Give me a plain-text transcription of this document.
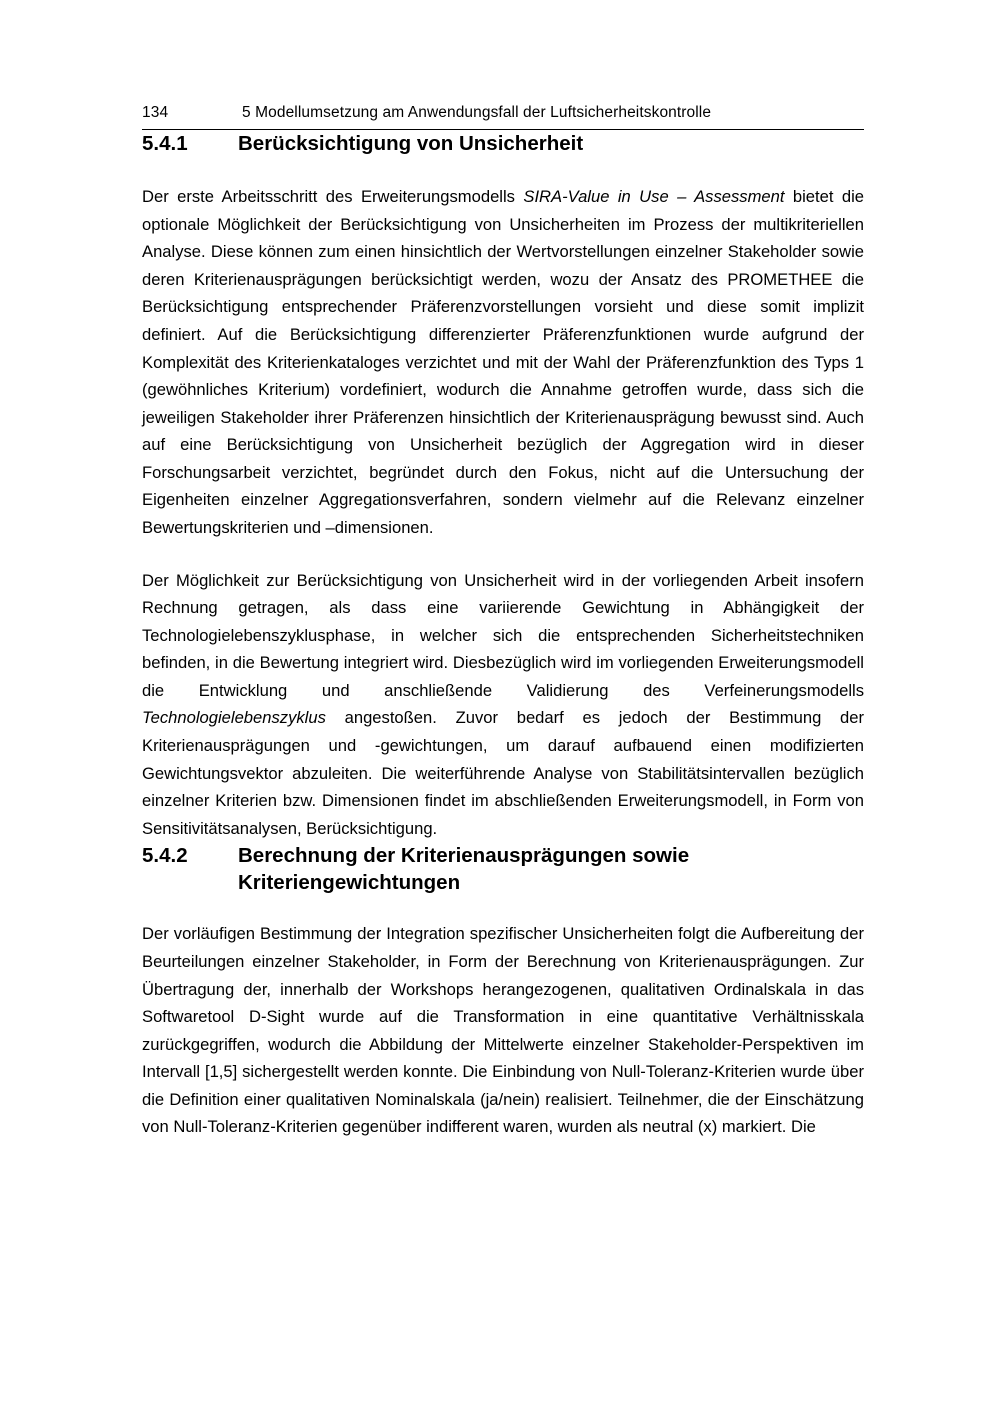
134	5 Modellumsetzung am Anwendungsfall der Luftsicherheitskontrolle
5.4.1	Berücksichtigung von Unsicherheit

Der erste Arbeitsschritt des Erweiterungsmodells SIRA-Value in Use – Assessment bietet die optionale Möglichkeit der Berücksichtigung von Unsicherheiten im Prozess der multikriteriellen Analyse. Diese können zum einen hinsichtlich der Wertvorstellungen einzelner Stakeholder sowie deren Kriterienausprägungen berücksichtigt werden, wozu der Ansatz des PROMETHEE die Berücksichtigung entsprechender Präferenzvorstellungen vorsieht und diese somit implizit definiert. Auf die Berücksichtigung differenzierter Präferenzfunktionen wurde aufgrund der Komplexität des Kriterienkataloges verzichtet und mit der Wahl der Präferenzfunktion des Typs 1 (gewöhnliches Kriterium) vordefiniert, wodurch die Annahme getroffen wurde, dass sich die jeweiligen Stakeholder ihrer Präferenzen hinsichtlich der Kriterienausprägung bewusst sind. Auch auf eine Berücksichtigung von Unsicherheit bezüglich der Aggregation wird in dieser Forschungsarbeit verzichtet, begründet durch den Fokus, nicht auf die Untersuchung der Eigenheiten einzelner Aggregationsverfahren, sondern vielmehr auf die Relevanz einzelner Bewertungskriterien und –dimensionen.

Der Möglichkeit zur Berücksichtigung von Unsicherheit wird in der vorliegenden Arbeit insofern Rechnung getragen, als dass eine variierende Gewichtung in Abhängigkeit der Technologielebenszyklusphase, in welcher sich die entsprechenden Sicherheitstechniken befinden, in die Bewertung integriert wird. Diesbezüglich wird im vorliegenden Erweiterungsmodell die Entwicklung und anschließende Validierung des Verfeinerungsmodells Technologielebenszyklus angestoßen. Zuvor bedarf es jedoch der Bestimmung der Kriterienausprägungen und -gewichtungen, um darauf aufbauend einen modifizierten Gewichtungsvektor abzuleiten. Die weiterführende Analyse von Stabilitätsintervallen bezüglich einzelner Kriterien bzw. Dimensionen findet im abschließenden Erweiterungsmodell, in Form von Sensitivitätsanalysen, Berücksichtigung.

5.4.2	Berechnung der Kriterienausprägungen sowie
Kriteriengewichtungen

Der vorläufigen Bestimmung der Integration spezifischer Unsicherheiten folgt die Aufbereitung der Beurteilungen einzelner Stakeholder, in Form der Berechnung von Kriterienausprägungen. Zur Übertragung der, innerhalb der Workshops herangezogenen, qualitativen Ordinalskala in das Softwaretool D-Sight wurde auf die Transformation in eine quantitative Verhältnisskala zurückgegriffen, wodurch die Abbildung der Mittelwerte einzelner Stakeholder-Perspektiven im Intervall [1,5] sichergestellt werden konnte. Die Einbindung von Null-Toleranz-Kriterien wurde über die Definition einer qualitativen Nominalskala (ja/nein) realisiert. Teilnehmer, die der Einschätzung von Null-Toleranz-Kriterien gegenüber indifferent waren, wurden als neutral (x) markiert. Die
